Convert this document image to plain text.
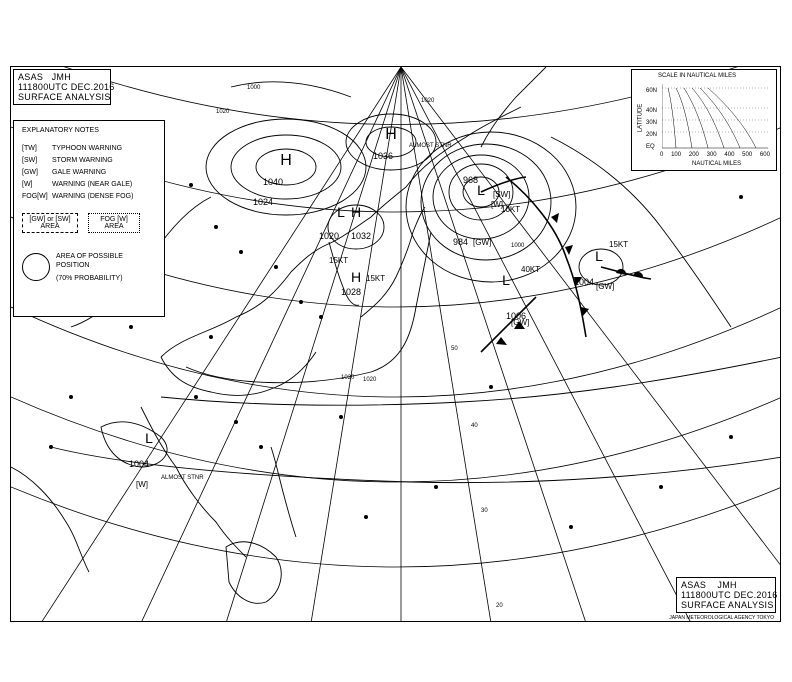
H
1040
H
1036
ALMOST STNR
1024
L
1020
15KT
H
1032
H
1028
15KT
L
968
10KT
984
L
1006
40KT
L
1004
15KT
L
1004
ALMOST STNR
[SW]
[GW]
[GW]
[GW]
[W]
[W]
1000
1020
1020 1020
1000
1020
50
40
30
20
ASAS JMH
111800UTC DEC.2016
SURFACE ANALYSIS
EXPLANATORY NOTES
[TW] TYPHOON WARNING
[SW] STORM WARNING
[GW] GALE WARNING
[W]	WARNING (NEAR GALE)
FOG[W] WARNING (DENSE FOG)
[GW] or [SW]
AREA
FOG [W]
AREA
AREA OF POSSIBLE
POSITION
(70% PROBABILITY)
SCALE IN NAUTICAL MILES
LATITUDE
60N
40N
30N
20N
EQ
0 100 200 300 400 500 600
NAUTICAL MILES
ASAS JMH
111800UTC DEC.2016
SURFACE ANALYSIS
JAPAN METEOROLOGICAL AGENCY TOKYO
